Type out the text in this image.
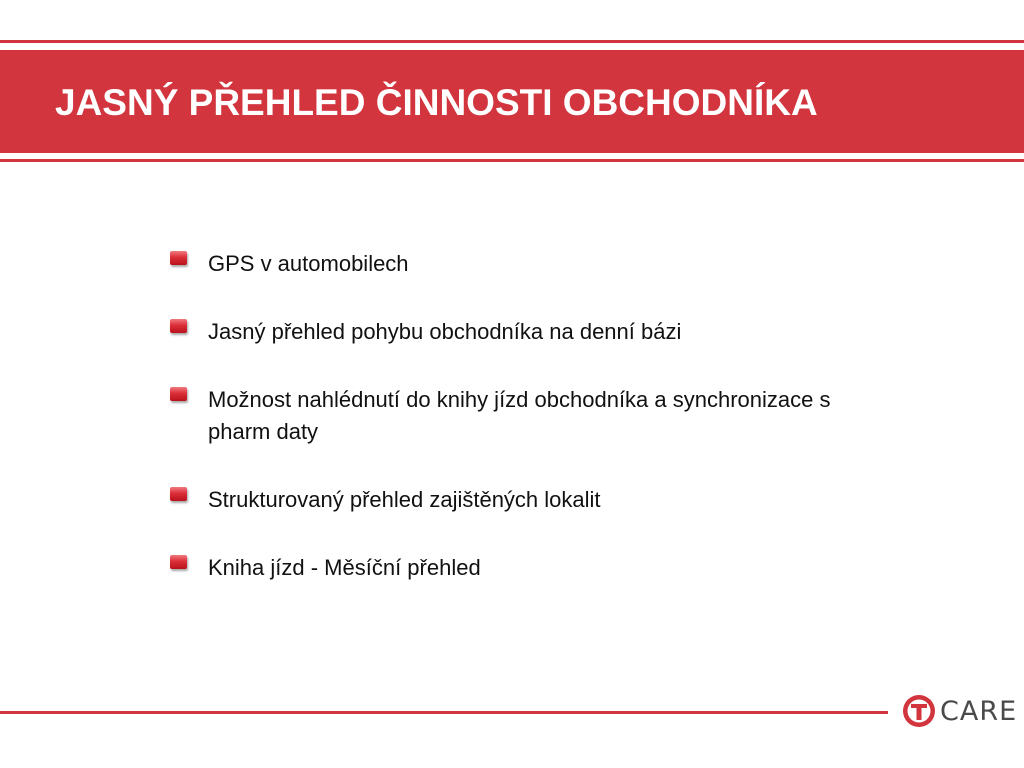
JASNÝ PŘEHLED ČINNOSTI OBCHODNÍKA
GPS v automobilech
Jasný přehled pohybu obchodníka na denní bázi
Možnost nahlédnutí do knihy jízd obchodníka a synchronizace s pharm daty
Strukturovaný přehled zajištěných lokalit
Kniha jízd - Měsíční přehled
CARE
